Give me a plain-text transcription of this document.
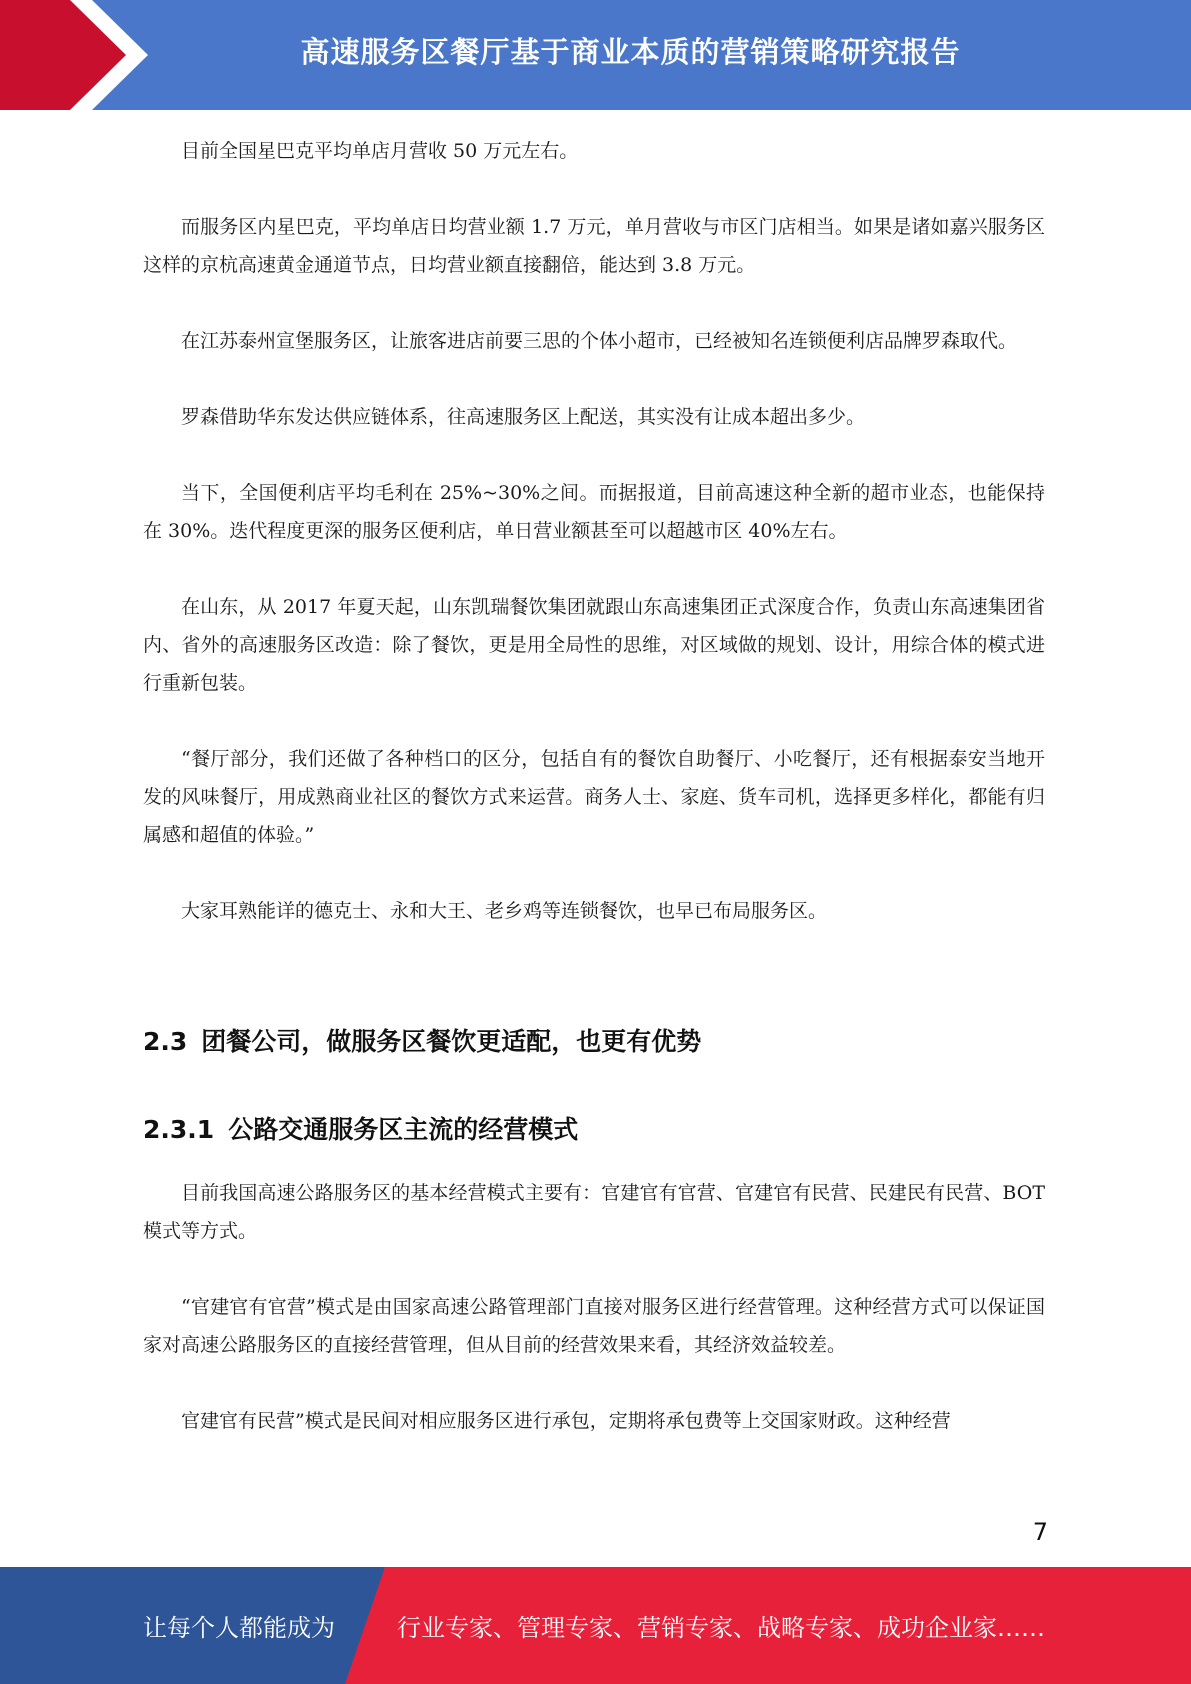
高速服务区餐厅基于商业本质的营销策略研究报告

目前全国星巴克平均单店月营收 50 万元左右。

而服务区内星巴克，平均单店日均营业额 1.7 万元，单月营收与市区门店相当。如果是诸如嘉兴服务区这样的京杭高速黄金通道节点，日均营业额直接翻倍，能达到 3.8 万元。

在江苏泰州宣堡服务区，让旅客进店前要三思的个体小超市，已经被知名连锁便利店品牌罗森取代。

罗森借助华东发达供应链体系，往高速服务区上配送，其实没有让成本超出多少。

当下，全国便利店平均毛利在 25%~30%之间。而据报道，目前高速这种全新的超市业态，也能保持在 30%。迭代程度更深的服务区便利店，单日营业额甚至可以超越市区 40%左右。

在山东，从 2017 年夏天起，山东凯瑞餐饮集团就跟山东高速集团正式深度合作，负责山东高速集团省内、省外的高速服务区改造：除了餐饮，更是用全局性的思维，对区域做的规划、设计，用综合体的模式进行重新包装。

“餐厅部分，我们还做了各种档口的区分，包括自有的餐饮自助餐厅、小吃餐厅，还有根据泰安当地开发的风味餐厅，用成熟商业社区的餐饮方式来运营。商务人士、家庭、货车司机，选择更多样化，都能有归属感和超值的体验。”

大家耳熟能详的德克士、永和大王、老乡鸡等连锁餐饮，也早已布局服务区。

2.3 团餐公司，做服务区餐饮更适配，也更有优势
2.3.1 公路交通服务区主流的经营模式

目前我国高速公路服务区的基本经营模式主要有：官建官有官营、官建官有民营、民建民有民营、BOT 模式等方式。

“官建官有官营”模式是由国家高速公路管理部门直接对服务区进行经营管理。这种经营方式可以保证国家对高速公路服务区的直接经营管理，但从目前的经营效果来看，其经济效益较差。

官建官有民营”模式是民间对相应服务区进行承包，定期将承包费等上交国家财政。这种经营

7
让每个人都能成为	行业专家、管理专家、营销专家、战略专家、成功企业家……
